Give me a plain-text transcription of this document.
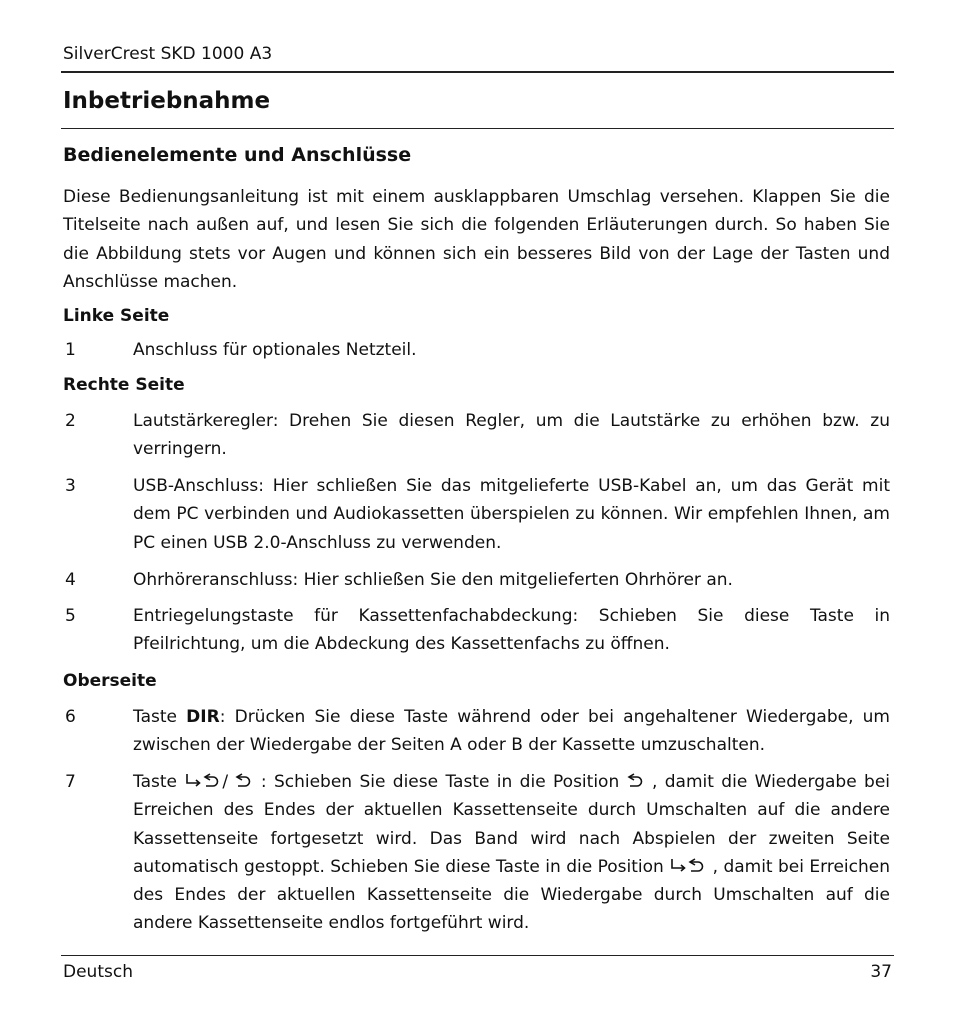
SilverCrest SKD 1000 A3
Inbetriebnahme
Bedienelemente und Anschlüsse

Diese Bedienungsanleitung ist mit einem ausklappbaren Umschlag versehen. Klappen Sie die Titelseite nach außen auf, und lesen Sie sich die folgenden Erläuterungen durch. So haben Sie die Abbildung stets vor Augen und können sich ein besseres Bild von der Lage der Tasten und Anschlüsse machen.

Linke Seite
1	Anschluss für optionales Netzteil.
Rechte Seite
2	Lautstärkeregler: Drehen Sie diesen Regler, um die Lautstärke zu erhöhen bzw. zu verringern.
3	USB-Anschluss: Hier schließen Sie das mitgelieferte USB-Kabel an, um das Gerät mit dem PC verbinden und Audiokassetten überspielen zu können. Wir empfehlen Ihnen, am PC einen USB 2.0-Anschluss zu verwenden.
4	Ohrhöreranschluss: Hier schließen Sie den mitgelieferten Ohrhörer an.
5	Entriegelungstaste für Kassettenfachabdeckung: Schieben Sie diese Taste in Pfeilrichtung, um die Abdeckung des Kassettenfachs zu öffnen.
Oberseite
6	Taste DIR: Drücken Sie diese Taste während oder bei angehaltener Wiedergabe, um zwischen der Wiedergabe der Seiten A oder B der Kassette umzuschalten.
7	Taste
/
: Schieben Sie diese Taste in die Position
, damit die Wiedergabe bei Erreichen des Endes der aktuellen Kassettenseite durch Umschalten auf die andere Kassettenseite fortgesetzt wird. Das Band wird nach Abspielen der zweiten Seite automatisch gestoppt. Schieben Sie diese Taste in die Position
, damit bei Erreichen des Endes der aktuellen Kassettenseite die Wiedergabe durch Umschalten auf die andere Kassettenseite endlos fortgeführt wird.
Deutsch	37
